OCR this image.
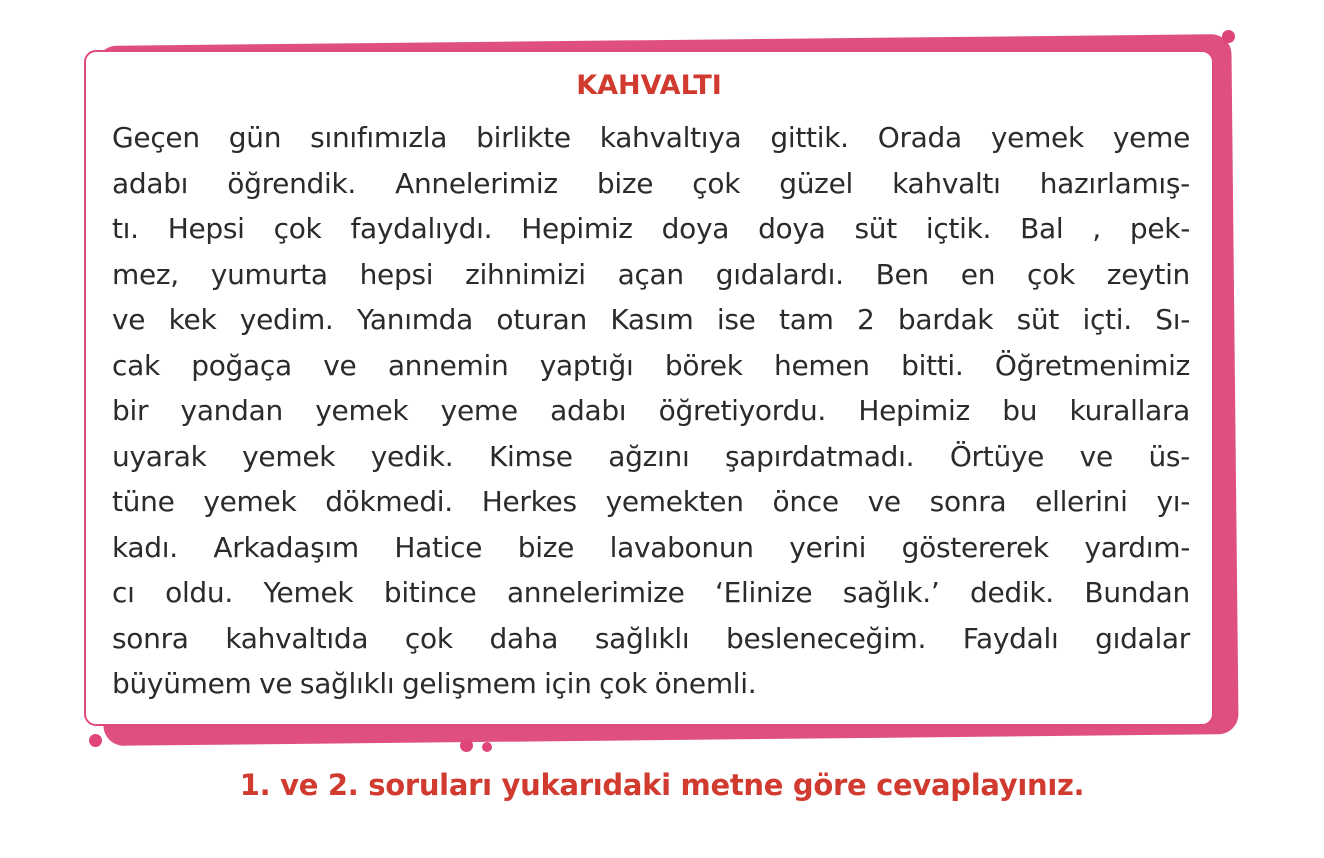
KAHVALTI

Geçen gün sınıfımızla birlikte kahvaltıya gittik. Orada yemek yeme
adabı öğrendik. Annelerimiz bize çok güzel kahvaltı hazırlamış-
tı. Hepsi çok faydalıydı. Hepimiz doya doya süt içtik. Bal , pek-
mez, yumurta hepsi zihnimizi açan gıdalardı. Ben en çok zeytin
ve kek yedim. Yanımda oturan Kasım ise tam 2 bardak süt içti. Sı-
cak poğaça ve annemin yaptığı börek hemen bitti. Öğretmenimiz
bir yandan yemek yeme adabı öğretiyordu. Hepimiz bu kurallara
uyarak yemek yedik. Kimse ağzını şapırdatmadı. Örtüye ve üs-
tüne yemek dökmedi. Herkes yemekten önce ve sonra ellerini yı-
kadı. Arkadaşım Hatice bize lavabonun yerini göstererek yardım-
cı oldu. Yemek bitince annelerimize ‘Elinize sağlık.’ dedik. Bundan
sonra kahvaltıda çok daha sağlıklı besleneceğim. Faydalı gıdalar
büyümem ve sağlıklı gelişmem için çok önemli.

1. ve 2. soruları yukarıdaki metne göre cevaplayınız.
